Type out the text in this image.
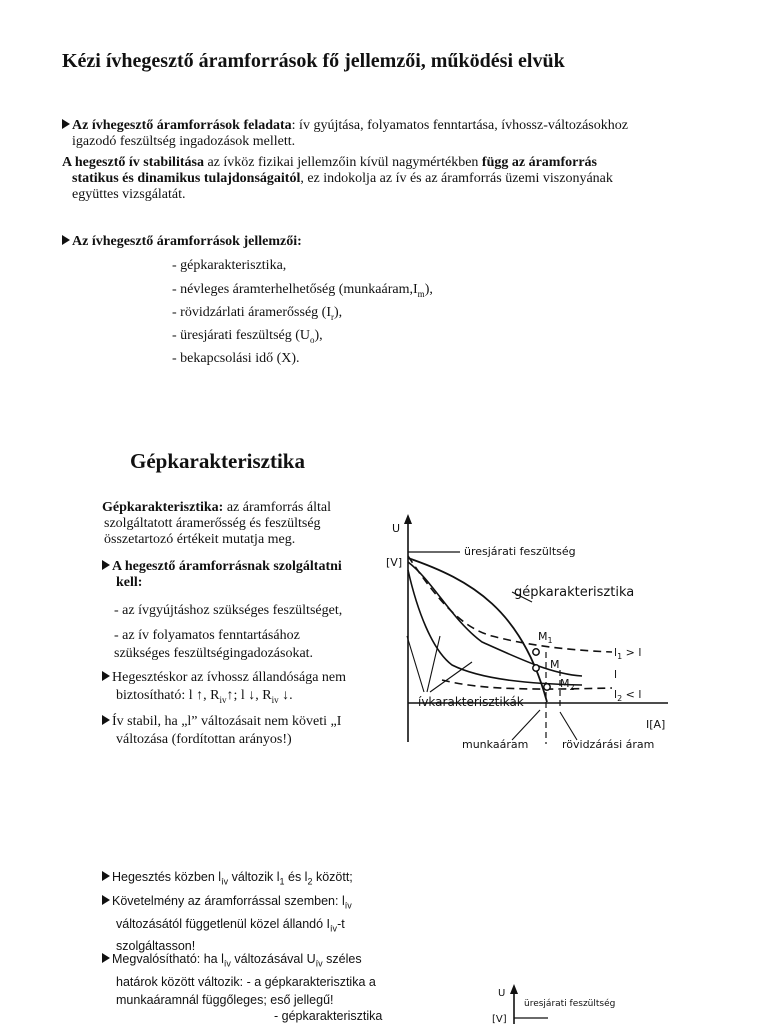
Kézi ívhegesztő áramforrások fő jellemzői, működési elvük
Az ívhegesztő áramforrások feladata: ív gyújtása, folyamatos fenntartása, ívhossz-változásokhoz
igazodó feszültség ingadozások mellett.
A hegesztő ív stabilitása az ívköz fizikai jellemzőin kívül nagymértékben függ az áramforrás
statikus és dinamikus tulajdonságaitól, ez indokolja az ív és az áramforrás üzemi viszonyának
együttes vizsgálatát.
Az ívhegesztő áramforrások jellemzői:
- gépkarakterisztika,
- névleges áramterhelhetőség $(munkaáram,I_m)$,
- rövidzárlati áramerősség $(I_r)$,
- üresjárati feszültség $(U_o)$,
- bekapcsolási idő (X).
Gépkarakterisztika
Gépkarakterisztika: az áramforrás által
szolgáltatott áramerősség és feszültség
összetartozó értékeit mutatja meg.
A hegesztő áramforrásnak szolgáltatni
kell:
- az ívgyújtáshoz szükséges feszültséget,
- az ív folyamatos fenntartásához
szükséges feszültségingadozásokat.
Hegesztéskor az ívhossz állandósága nem
biztosítható: l ↑, $R_{iv}↑$; l ↓, $R_{iv}$ ↓.
Ív stabil, ha „l” változásait nem követi „I
változása (fordítottan arányos!)
U
[V]
üresjárati feszültség
gépkarakterisztika
ívkarakterisztikák
I[A]
munkaáram	rövidzárási áram
$M_1$
M
$M_2$
$l_1 > l$
l
$l_2 < l$
Hegesztés közben $l_{ív}$ változik $l_1$ és $l_2$ között;
Követelmény az áramforrással szemben: $l_{ív}$
változásától függetlenül közel állandó $I_{ív}-t$
szolgáltasson!
Megvalósítható: ha $l_{ív}$ változásával $U_{ív}$ széles
határok között változik: - a gépkarakterisztika a
munkaáramnál függőleges; eső jellegű!
- gépkarakterisztika
U
[V]
üresjárati feszültség
